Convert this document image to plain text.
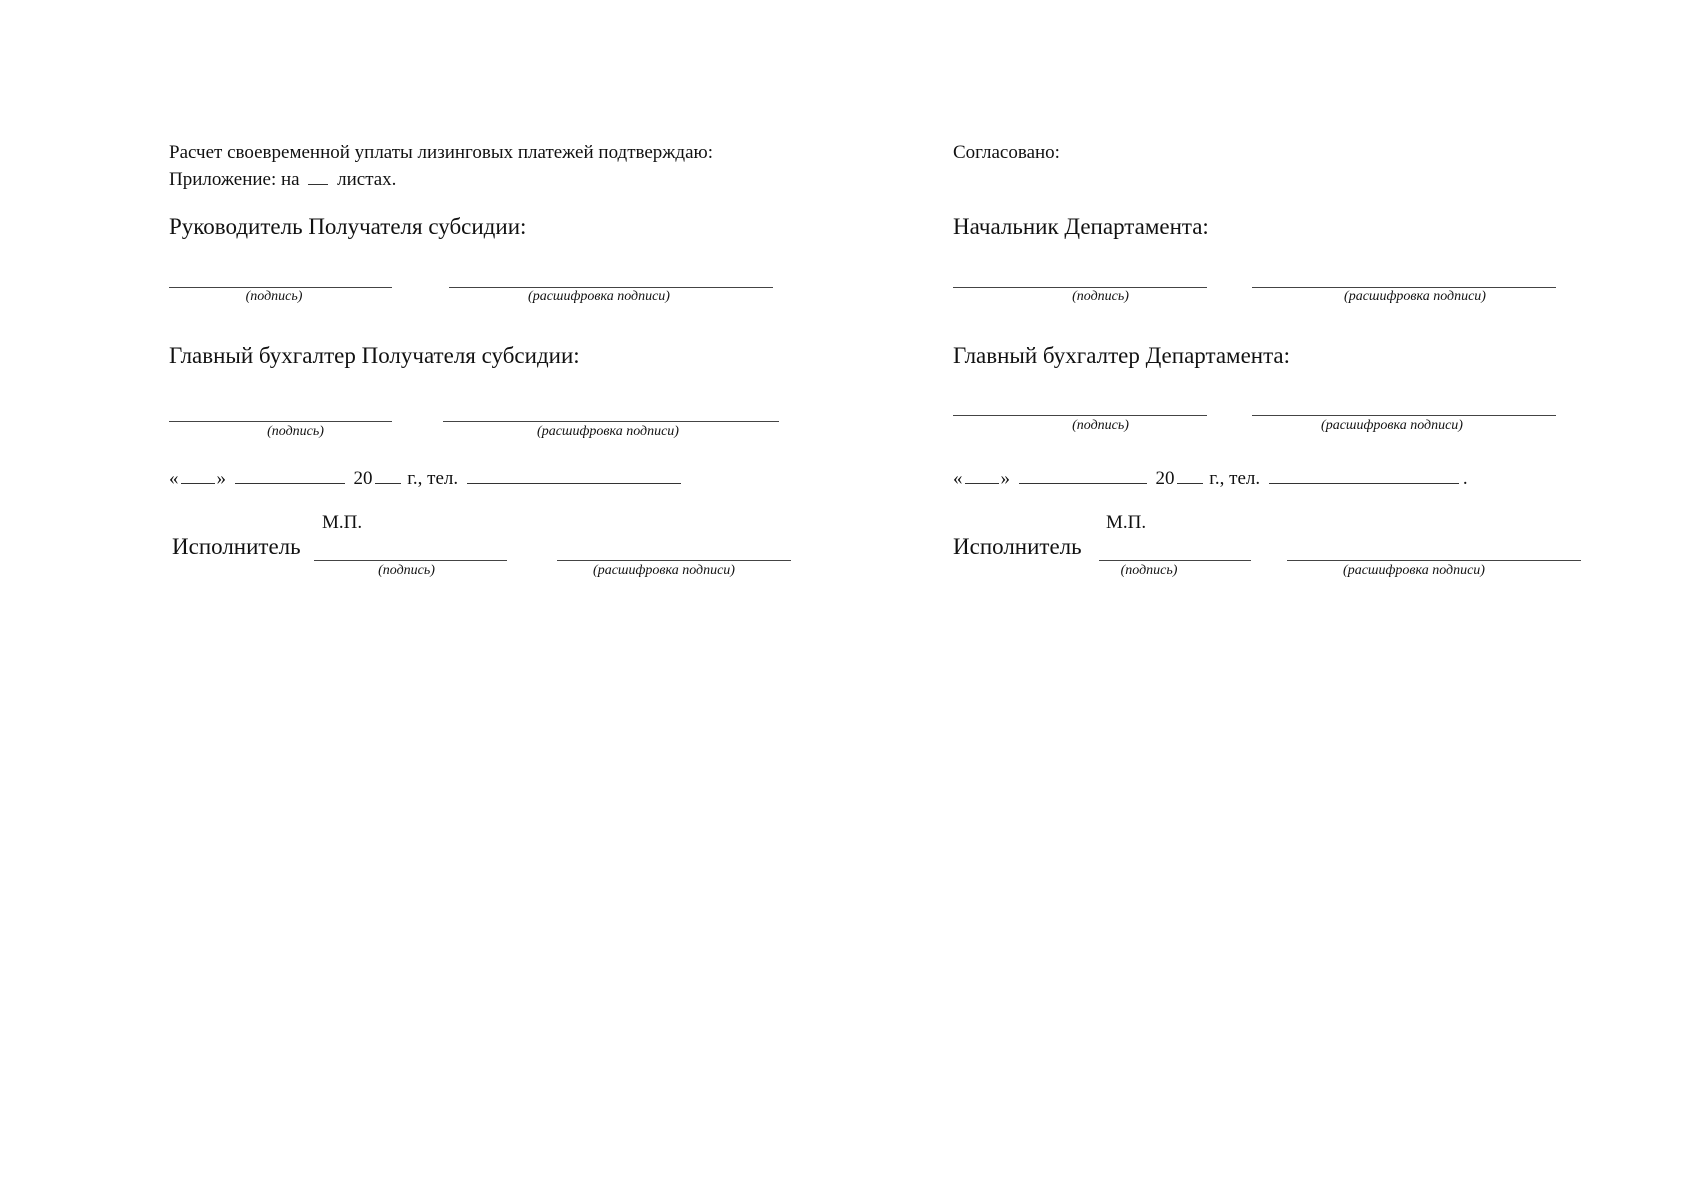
Расчет своевременной уплаты лизинговых платежей подтверждаю:
Приложение: на листах.
Руководитель Получателя субсидии:
(подпись)	(расшифровка подписи)
Главный бухгалтер Получателя субсидии:
(подпись)	(расшифровка подписи)
« »	20 г., тел.
М.П.
Исполнитель
(подпись)	(расшифровка подписи)
Согласовано:
Начальник Департамента:
(подпись)	(расшифровка подписи)
Главный бухгалтер Департамента:
(подпись)	(расшифровка подписи)
« »	20 г., тел.	.
М.П.
Исполнитель
(подпись)	(расшифровка подписи)
